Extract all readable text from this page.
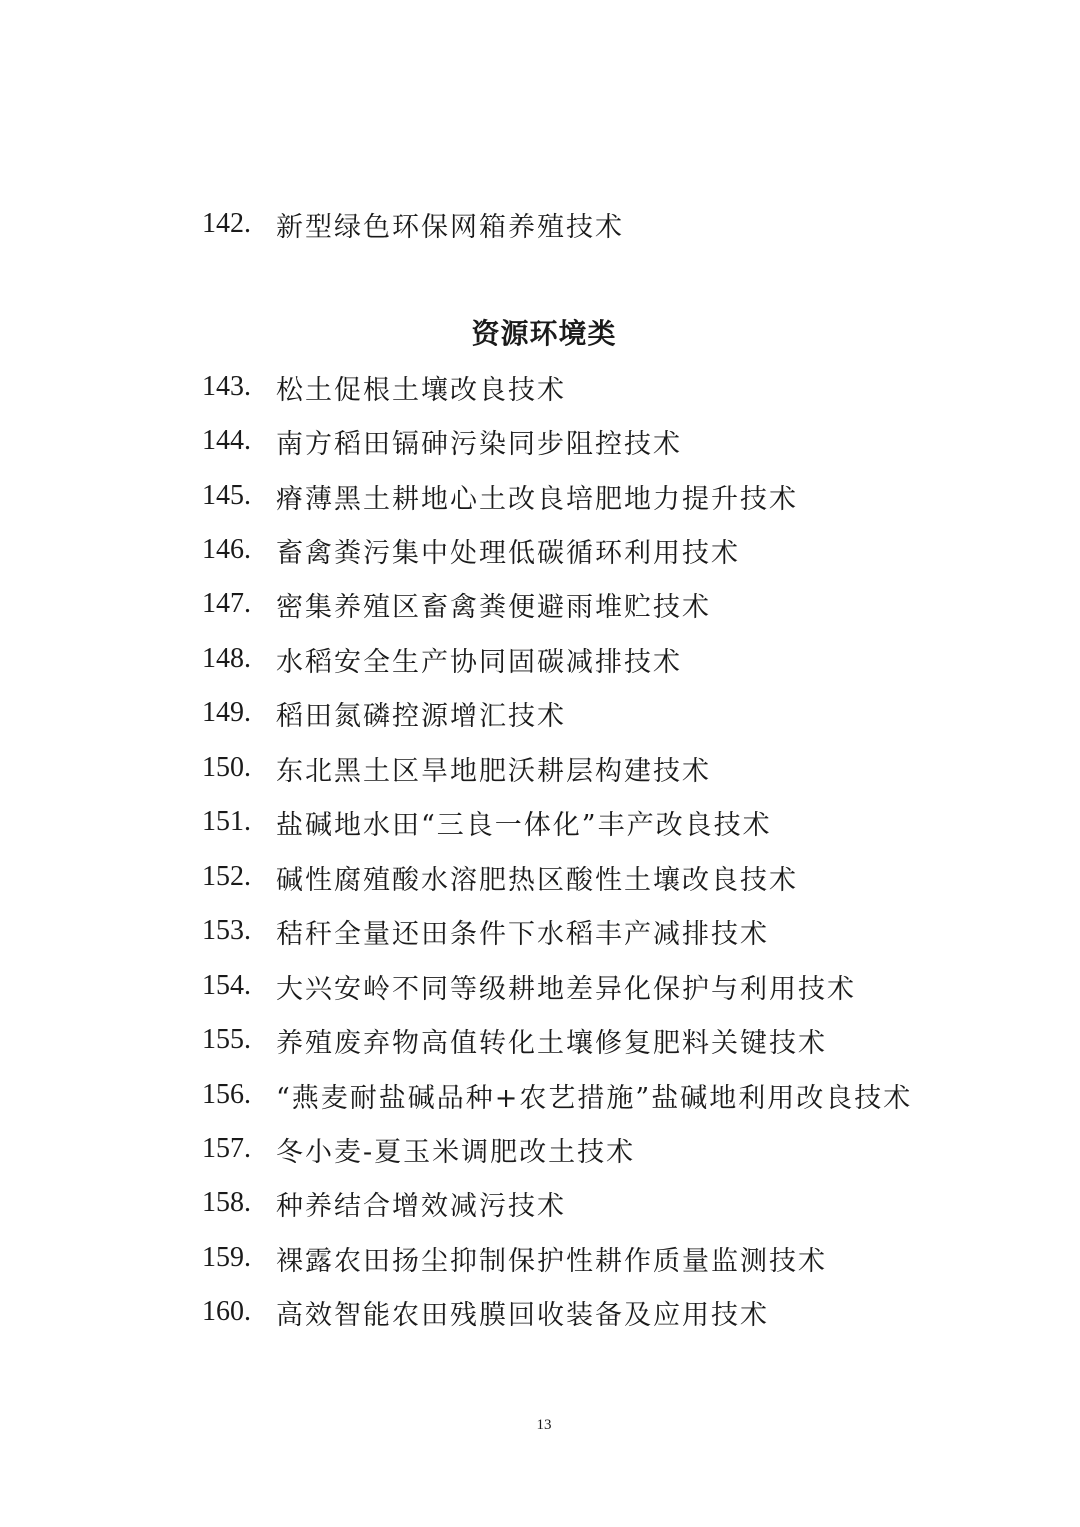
142. 新型绿色环保网箱养殖技术
资源环境类
143. 松土促根土壤改良技术
144. 南方稻田镉砷污染同步阻控技术
145. 瘠薄黑土耕地心土改良培肥地力提升技术
146. 畜禽粪污集中处理低碳循环利用技术
147. 密集养殖区畜禽粪便避雨堆贮技术
148. 水稻安全生产协同固碳减排技术
149. 稻田氮磷控源增汇技术
150. 东北黑土区旱地肥沃耕层构建技术
151. 盐碱地水田“三良一体化”丰产改良技术
152. 碱性腐殖酸水溶肥热区酸性土壤改良技术
153. 秸秆全量还田条件下水稻丰产减排技术
154. 大兴安岭不同等级耕地差异化保护与利用技术
155. 养殖废弃物高值转化土壤修复肥料关键技术
156. “燕麦耐盐碱品种+农艺措施”盐碱地利用改良技术
157. 冬小麦-夏玉米调肥改土技术
158. 种养结合增效减污技术
159. 裸露农田扬尘抑制保护性耕作质量监测技术
160. 高效智能农田残膜回收装备及应用技术
13
